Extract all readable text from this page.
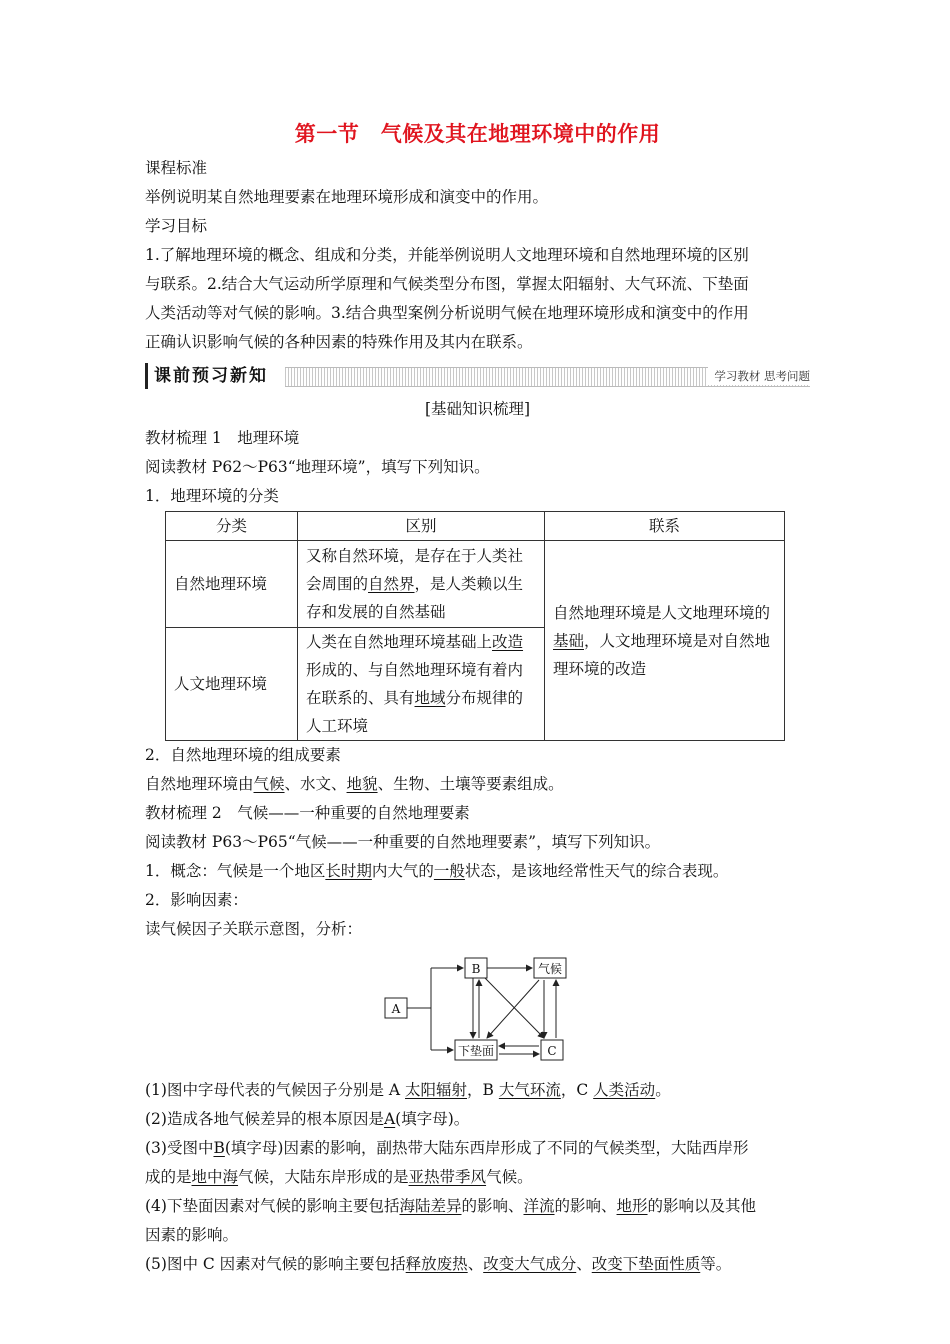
第一节　气候及其在地理环境中的作用
课程标准
举例说明某自然地理要素在地理环境形成和演变中的作用。
学习目标
1.了解地理环境的概念、组成和分类，并能举例说明人文地理环境和自然地理环境的区别
与联系。2.结合大气运动所学原理和气候类型分布图，掌握太阳辐射、大气环流、下垫面
人类活动等对气候的影响。3.结合典型案例分析说明气候在地理环境形成和演变中的作用
正确认识影响气候的各种因素的特殊作用及其内在联系。
课前预习新知	学习教材 思考问题
[基础知识梳理]
教材梳理 1　地理环境
阅读教材 P62～P63“地理环境”，填写下列知识。
1．地理环境的分类
分类	区别	联系
自然地理环境	又称自然环境，是存在于人类社会周围的自然界，是人类赖以生存和发展的自然基础	自然地理环境是人文地理环境的基础，人文地理环境是对自然地理环境的改造
人文地理环境	人类在自然地理环境基础上改造形成的、与自然地理环境有着内在联系的、具有地域分布规律的人工环境	
2．自然地理环境的组成要素
自然地理环境由气候、水文、地貌、生物、土壤等要素组成。
教材梳理 2　气候——一种重要的自然地理要素
阅读教材 P63～P65“气候——一种重要的自然地理要素”，填写下列知识。
1．概念：气候是一个地区长时期内大气的一般状态，是该地经常性天气的综合表现。
2．影响因素：
读气候因子关联示意图，分析：
A
B	气候
下垫面	C
(1)图中字母代表的气候因子分别是 A 太阳辐射，B 大气环流，C 人类活动。
(2)造成各地气候差异的根本原因是A(填字母)。
(3)受图中B(填字母)因素的影响，副热带大陆东西岸形成了不同的气候类型，大陆西岸形
成的是地中海气候，大陆东岸形成的是亚热带季风气候。
(4)下垫面因素对气候的影响主要包括海陆差异的影响、洋流的影响、地形的影响以及其他
因素的影响。
(5)图中 C 因素对气候的影响主要包括释放废热、改变大气成分、改变下垫面性质等。
